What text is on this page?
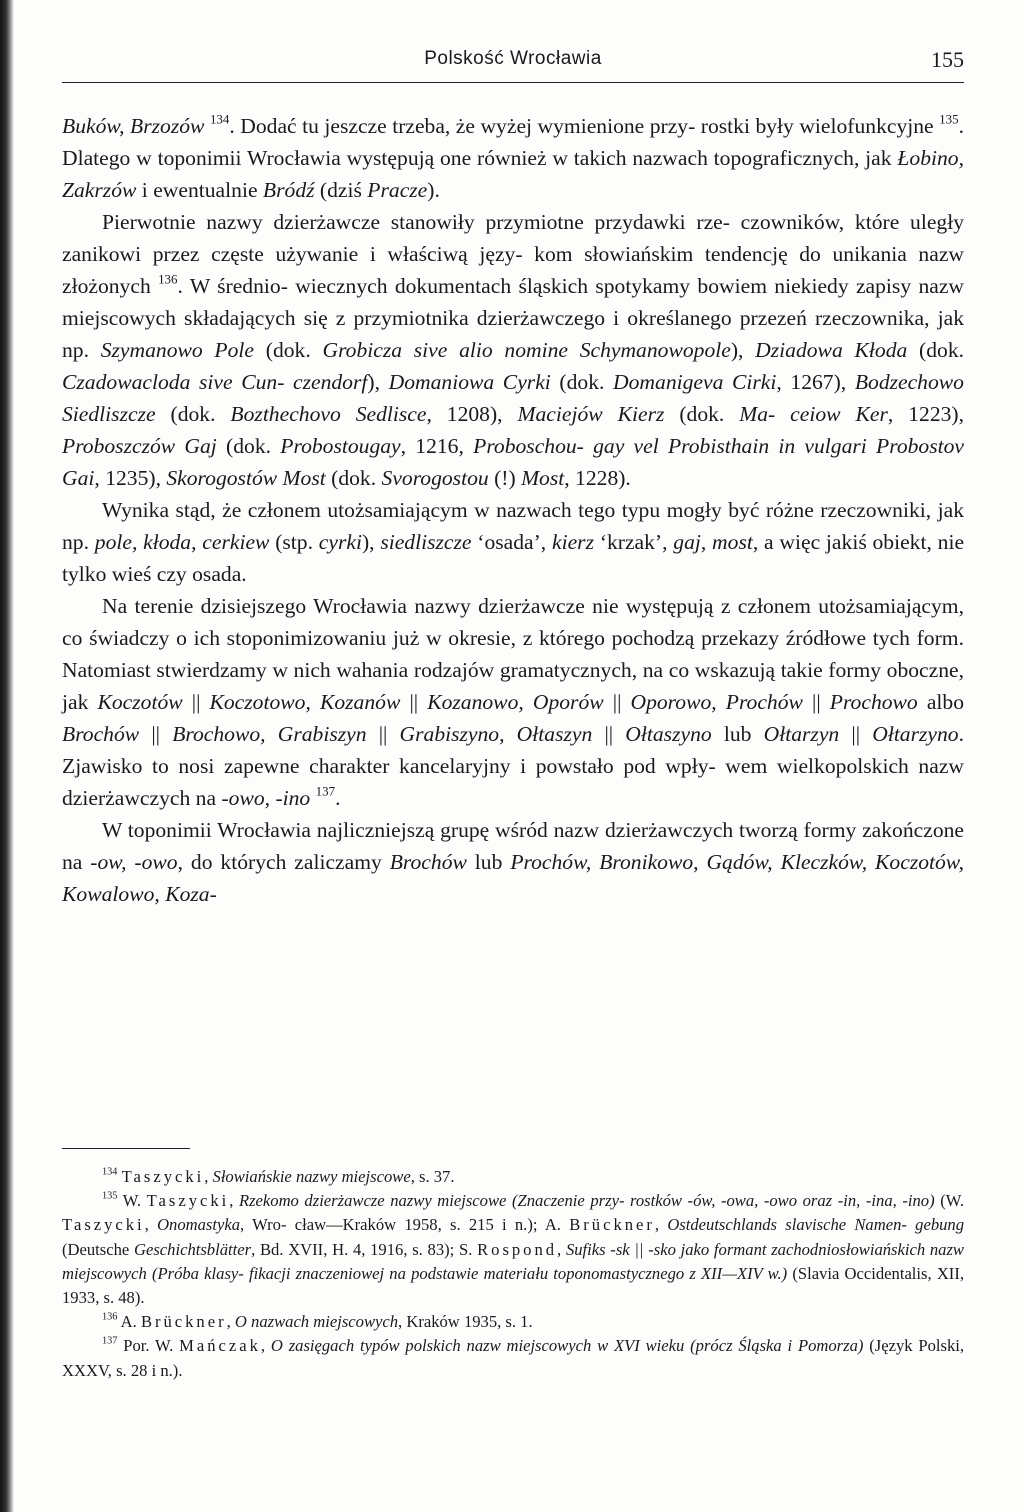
Polskość Wrocławia	155

Buków, Brzozów $^{134}$. Dodać tu jeszcze trzeba, że wyżej wymienione przy- rostki były wielofunkcyjne $^{135}$. Dlatego w toponimii Wrocławia występują one również w takich nazwach topograficznych, jak Łobino, Zakrzów i ewentualnie Bródź (dziś Pracze).

Pierwotnie nazwy dzierżawcze stanowiły przymiotne przydawki rze- czowników, które uległy zanikowi przez częste używanie i właściwą języ- kom słowiańskim tendencję do unikania nazw złożonych $^{136}$. W średnio- wiecznych dokumentach śląskich spotykamy bowiem niekiedy zapisy nazw miejscowych składających się z przymiotnika dzierżawczego i określanego przezeń rzeczownika, jak np. Szymanowo Pole (dok. Grobicza sive alio nomine Schymanowopole), Dziadowa Kłoda (dok. Czadowacloda sive Cun- czendorf), Domaniowa Cyrki (dok. Domanigeva Cirki, 1267), Bodzechowo Siedliszcze (dok. Bozthechovo Sedlisce, 1208), Maciejów Kierz (dok. Ma- ceiow Ker, 1223), Proboszczów Gaj (dok. Probostougay, 1216, Proboschou- gay vel Probisthain in vulgari Probostov Gai, 1235), Skorogostów Most (dok. Svorogostou (!) Most, 1228).

Wynika stąd, że członem utożsamiającym w nazwach tego typu mogły być różne rzeczowniki, jak np. pole, kłoda, cerkiew (stp. cyrki), siedliszcze ‘osada’, kierz ‘krzak’, gaj, most, a więc jakiś obiekt, nie tylko wieś czy osada.

Na terenie dzisiejszego Wrocławia nazwy dzierżawcze nie występują z członem utożsamiającym, co świadczy o ich stoponimizowaniu już w okresie, z którego pochodzą przekazy źródłowe tych form. Natomiast stwierdzamy w nich wahania rodzajów gramatycznych, na co wskazują takie formy oboczne, jak Koczotów || Koczotowo, Kozanów || Kozanowo, Oporów || Oporowo, Prochów || Prochowo albo Brochów || Brochowo, Grabiszyn || Grabiszyno, Ołtaszyn || Ołtaszyno lub Ołtarzyn || Ołtarzyno. Zjawisko to nosi zapewne charakter kancelaryjny i powstało pod wpły- wem wielkopolskich nazw dzierżawczych na -owo, -ino $^{137}$.

W toponimii Wrocławia najliczniejszą grupę wśród nazw dzierżawczych tworzą formy zakończone na -ow, -owo, do których zaliczamy Brochów lub Prochów, Bronikowo, Gądów, Kleczków, Koczotów, Kowalowo, Koza-

$^{134}$ Taszycki, Słowiańskie nazwy miejscowe, s. 37.

$^{135}$ W. Taszycki, Rzekomo dzierżawcze nazwy miejscowe (Znaczenie przy- rostków -ów, -owa, -owo oraz -in, -ina, -ino) (W. Taszycki, Onomastyka, Wro- cław—Kraków 1958, s. 215 i n.); A. Brückner, Ostdeutschlands slavische Namen- gebung (Deutsche Geschichtsblätter, Bd. XVII, H. 4, 1916, s. 83); S. Rospond, Sufiks -sk || -sko jako formant zachodniosłowiańskich nazw miejscowych (Próba klasy- fikacji znaczeniowej na podstawie materiału toponomastycznego z XII—XIV w.) (Slavia Occidentalis, XII, 1933, s. 48).

$^{136}$ A. Brückner, O nazwach miejscowych, Kraków 1935, s. 1.

$^{137}$ Por. W. Mańczak, O zasięgach typów polskich nazw miejscowych w XVI wieku (prócz Śląska i Pomorza) (Język Polski, XXXV, s. 28 i n.).
